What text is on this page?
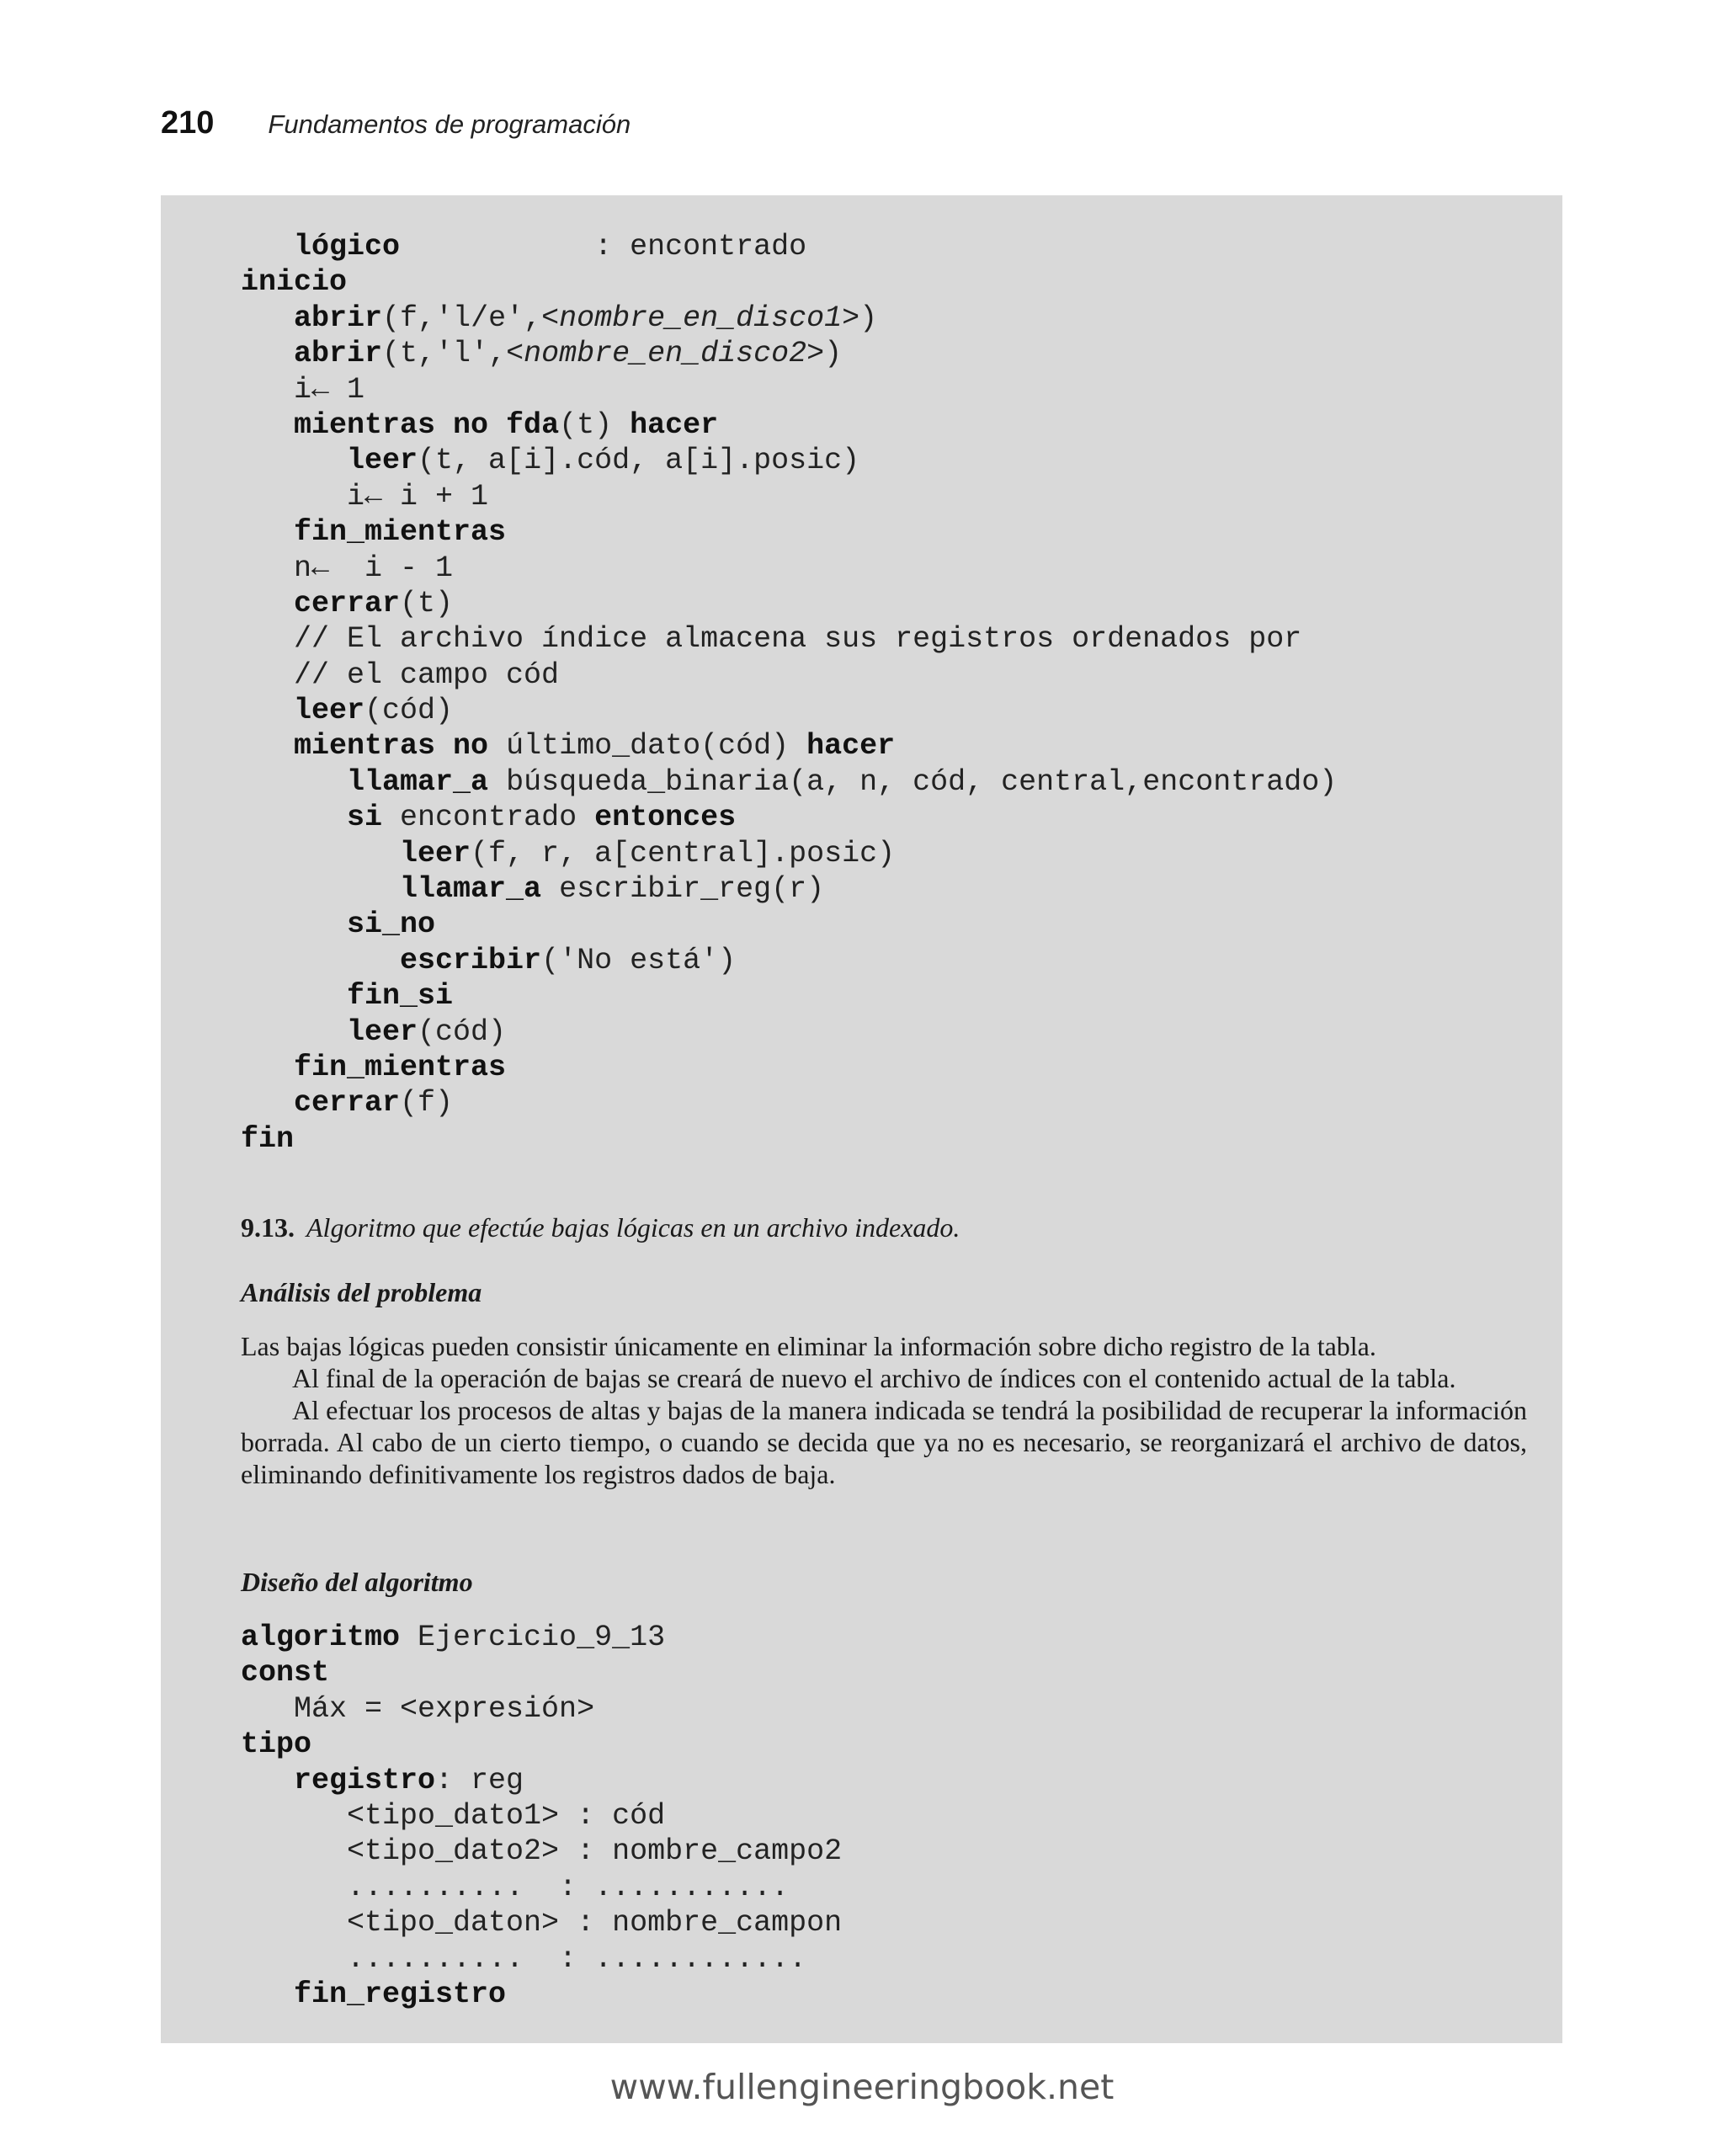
210 Fundamentos de programación
lógico           : encontrado
inicio
abrir(f,'l/e',<nombre_en_disco1>)
abrir(t,'l',<nombre_en_disco2>)
i← 1
mientras no fda(t) hacer
leer(t, a[i].cód, a[i].posic)
i← i + 1
fin_mientras
n←  i - 1
cerrar(t)
// El archivo índice almacena sus registros ordenados por
// el campo cód
leer(cód)
mientras no último_dato(cód) hacer
llamar_a búsqueda_binaria(a, n, cód, central,encontrado)
si encontrado entonces
leer(f, r, a[central].posic)
llamar_a escribir_reg(r)
si_no
escribir('No está')
fin_si
leer(cód)
fin_mientras
cerrar(f)
fin
9.13. Algoritmo que efectúe bajas lógicas en un archivo indexado.
Análisis del problema

Las bajas lógicas pueden consistir únicamente en eliminar la información sobre dicho registro de la tabla.

Al final de la operación de bajas se creará de nuevo el archivo de índices con el contenido actual de la tabla.

Al efectuar los procesos de altas y bajas de la manera indicada se tendrá la posibilidad de recuperar la información borrada. Al cabo de un cierto tiempo, o cuando se decida que ya no es necesario, se reorganizará el archivo de datos, eliminando definitivamente los registros dados de baja.

Diseño del algoritmo
algoritmo Ejercicio_9_13
const
Máx = <expresión>
tipo
registro: reg
<tipo_dato1> : cód
<tipo_dato2> : nombre_campo2
..........  : ...........
<tipo_daton> : nombre_campon
..........  : ............
fin_registro
www.fullengineeringbook.net
